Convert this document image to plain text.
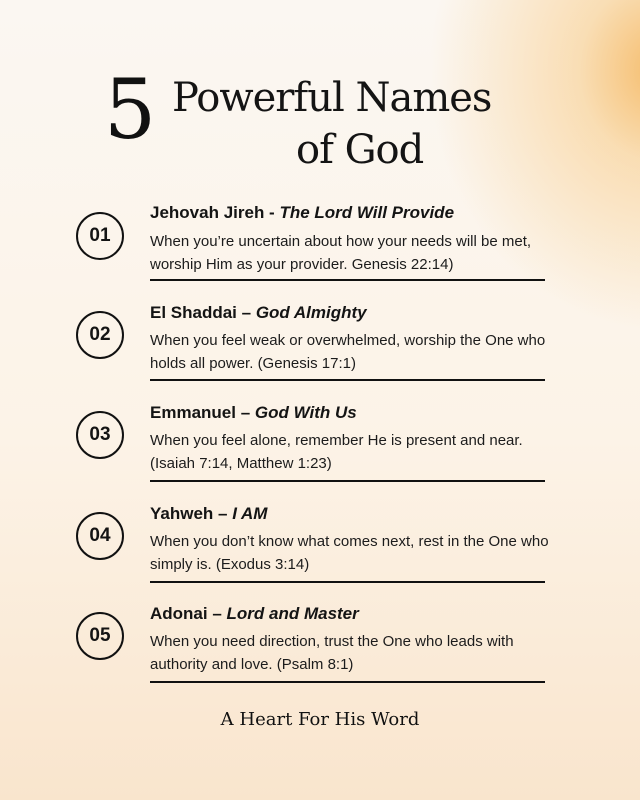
5 Powerful Names
of God
01
Jehovah Jireh - The Lord Will Provide
When you’re uncertain about how your needs will be met, worship Him as your provider. Genesis 22:14)
02
El Shaddai – God Almighty
When you feel weak or overwhelmed, worship the One who holds all power. (Genesis 17:1)
03
Emmanuel – God With Us
When you feel alone, remember He is present and near. (Isaiah 7:14, Matthew 1:23)
04
Yahweh – I AM
When you don’t know what comes next, rest in the One who simply is. (Exodus 3:14)
05
Adonai – Lord and Master
When you need direction, trust the One who leads with authority and love. (Psalm 8:1)
A Heart For His Word
